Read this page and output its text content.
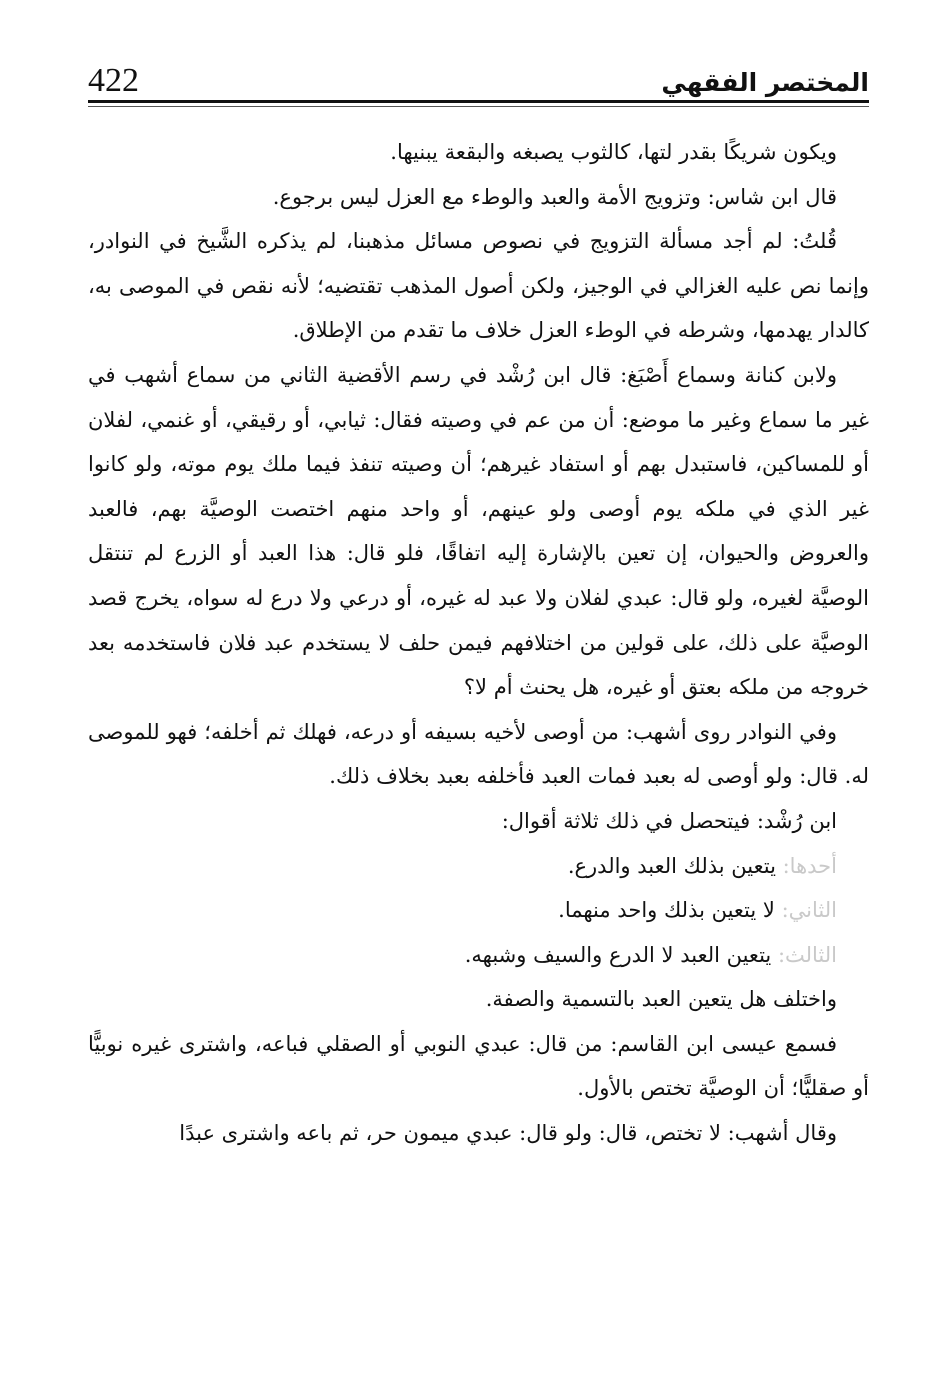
422	المختصر الفقهي

ويكون شريكًا بقدر لتها، كالثوب يصبغه والبقعة يبنيها.

قال ابن شاس: وتزويج الأمة والعبد والوطء مع العزل ليس برجوع.

قُلتُ: لم أجد مسألة التزويج في نصوص مسائل مذهبنا، لم يذكره الشَّيخ في النوادر، وإنما نص عليه الغزالي في الوجيز، ولكن أصول المذهب تقتضيه؛ لأنه نقص في الموصى به، كالدار يهدمها، وشرطه في الوطء العزل خلاف ما تقدم من الإطلاق.

ولابن كنانة وسماع أَصْبَغ: قال ابن رُشْد في رسم الأقضية الثاني من سماع أشهب في غير ما سماع وغير ما موضع: أن من عم في وصيته فقال: ثيابي، أو رقيقي، أو غنمي، لفلان أو للمساكين، فاستبدل بهم أو استفاد غيرهم؛ أن وصيته تنفذ فيما ملك يوم موته، ولو كانوا غير الذي في ملكه يوم أوصى ولو عينهم، أو واحد منهم اختصت الوصيَّة بهم، فالعبد والعروض والحيوان، إن تعين بالإشارة إليه اتفاقًا، فلو قال: هذا العبد أو الزرع لم تنتقل الوصيَّة لغيره، ولو قال: عبدي لفلان ولا عبد له غيره، أو درعي ولا درع له سواه، يخرج قصد الوصيَّة على ذلك، على قولين من اختلافهم فيمن حلف لا يستخدم عبد فلان فاستخدمه بعد خروجه من ملكه بعتق أو غيره، هل يحنث أم لا؟

وفي النوادر روى أشهب: من أوصى لأخيه بسيفه أو درعه، فهلك ثم أخلفه؛ فهو للموصى له. قال: ولو أوصى له بعبد فمات العبد فأخلفه بعبد بخلاف ذلك.

ابن رُشْد: فيتحصل في ذلك ثلاثة أقوال:

أحدها: يتعين بذلك العبد والدرع.

الثاني: لا يتعين بذلك واحد منهما.

الثالث: يتعين العبد لا الدرع والسيف وشبهه.

واختلف هل يتعين العبد بالتسمية والصفة.

فسمع عيسى ابن القاسم: من قال: عبدي النوبي أو الصقلي فباعه، واشترى غيره نوبيًّا أو صقليًّا؛ أن الوصيَّة تختص بالأول.

وقال أشهب: لا تختص، قال: ولو قال: عبدي ميمون حر، ثم باعه واشترى عبدًا
